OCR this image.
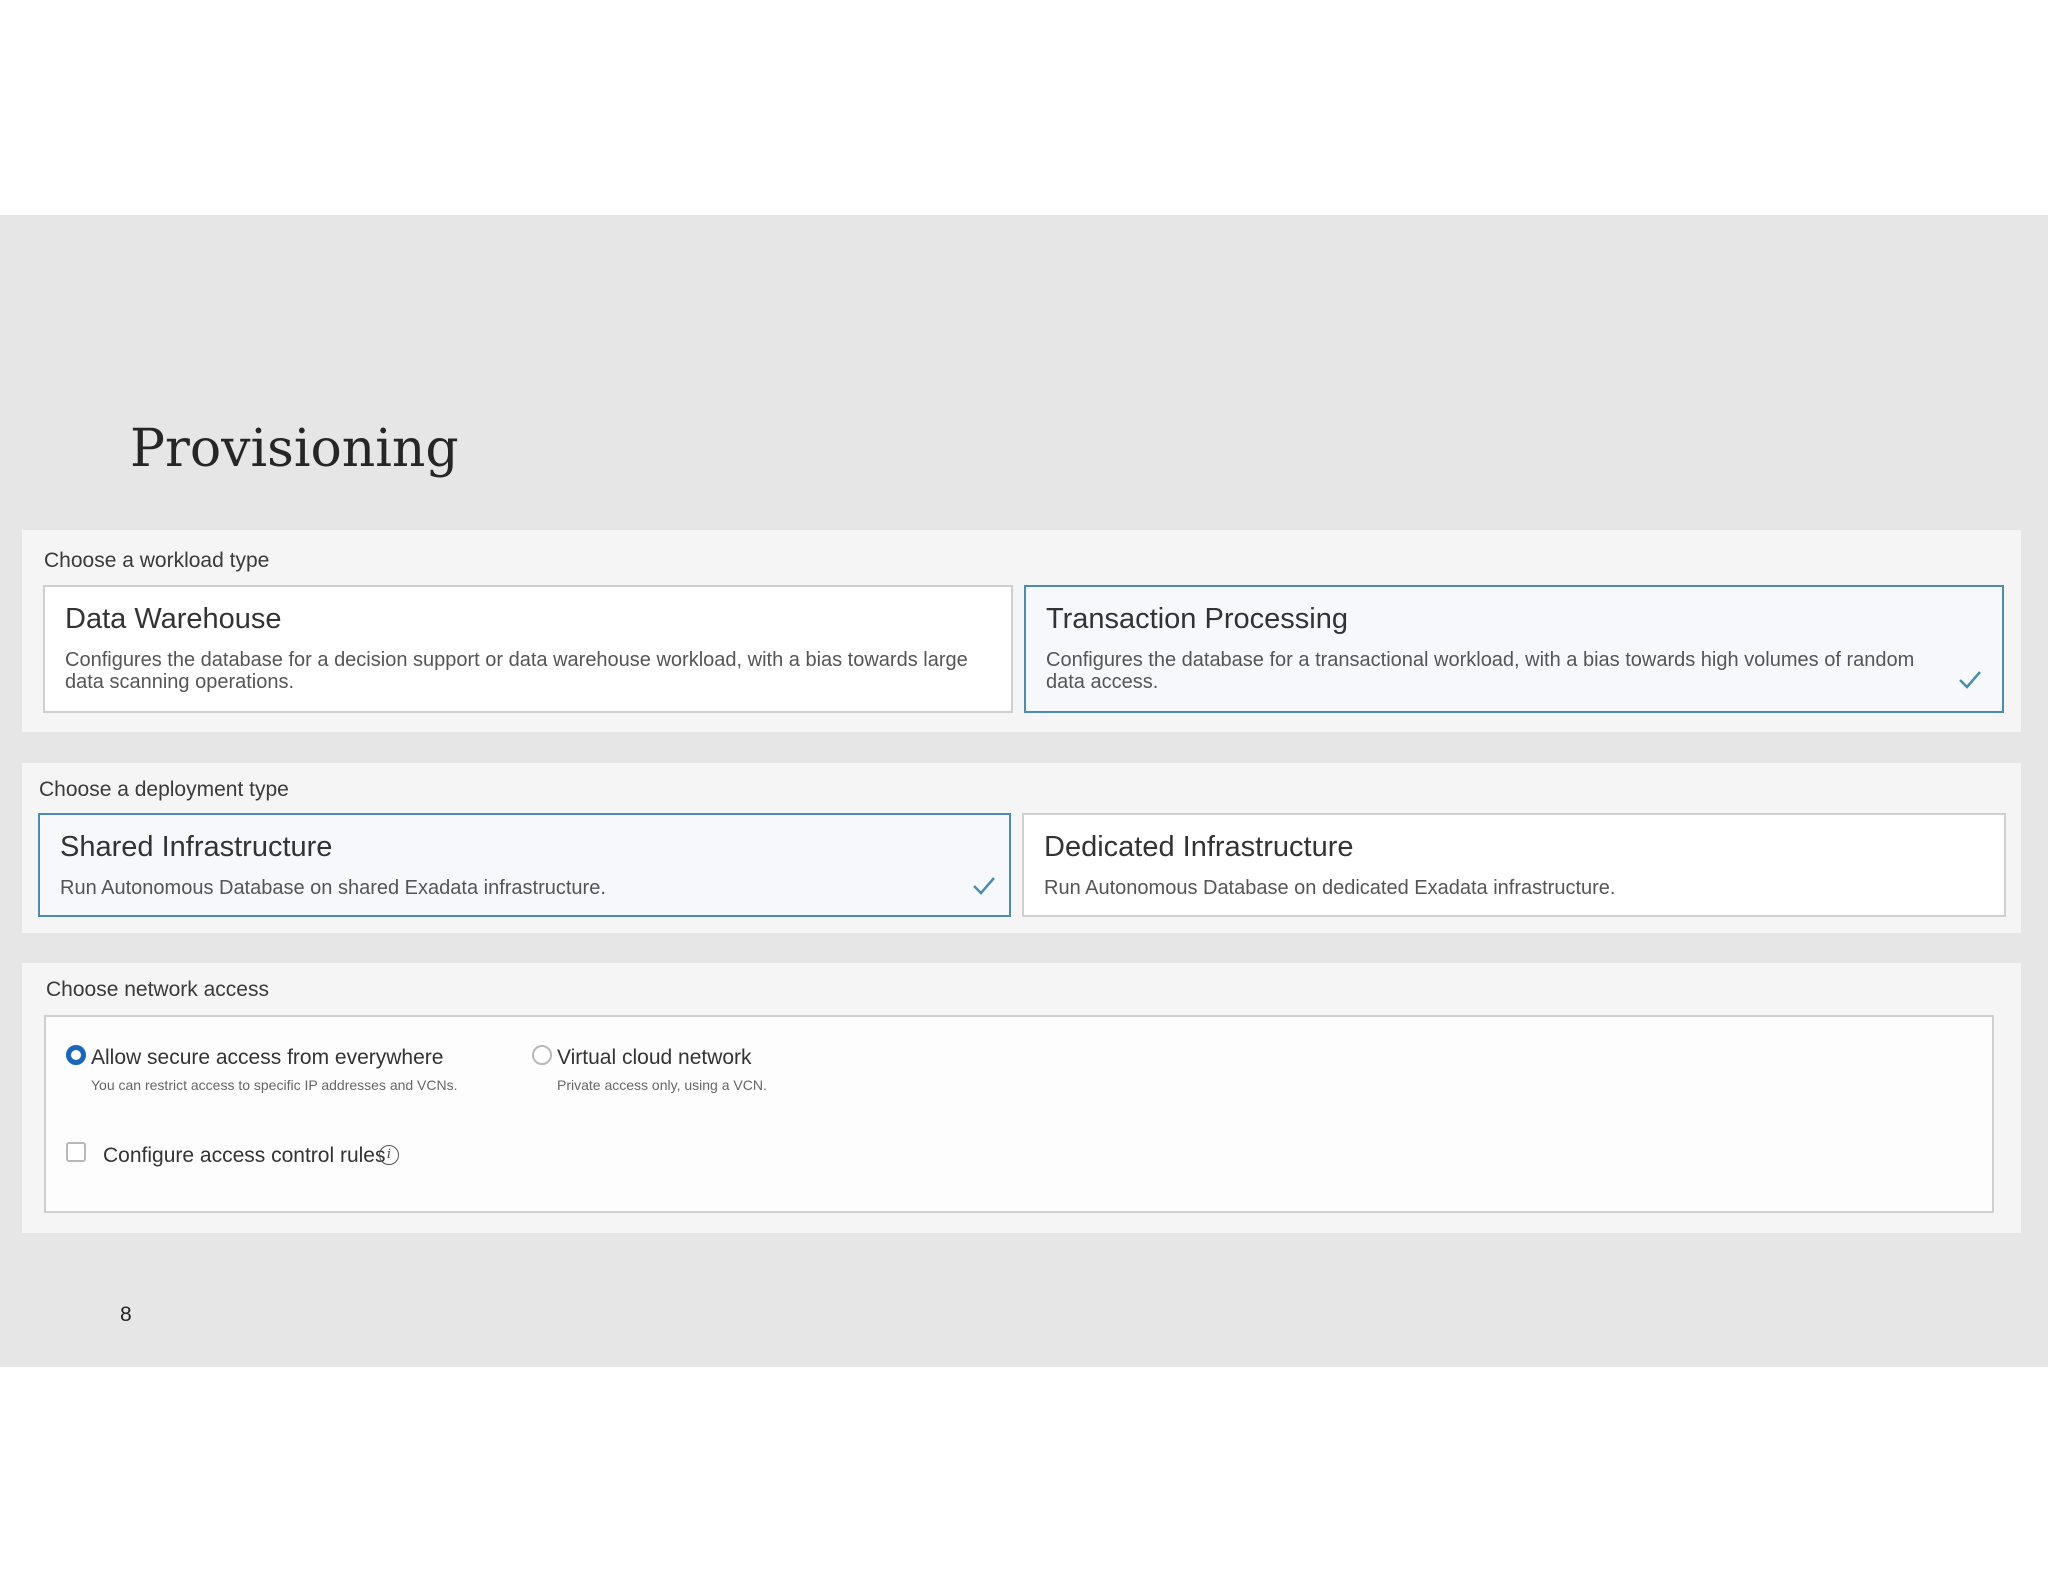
Provisioning
Choose a workload type
Data Warehouse
Configures the database for a decision support or data warehouse workload, with a bias towards large data scanning operations.
Transaction Processing
Configures the database for a transactional workload, with a bias towards high volumes of random data access.
Choose a deployment type
Shared Infrastructure
Run Autonomous Database on shared Exadata infrastructure.
Dedicated Infrastructure
Run Autonomous Database on dedicated Exadata infrastructure.
Choose network access
Allow secure access from everywhere
You can restrict access to specific IP addresses and VCNs.
Virtual cloud network
Private access only, using a VCN.
Configure access control rules i
8
